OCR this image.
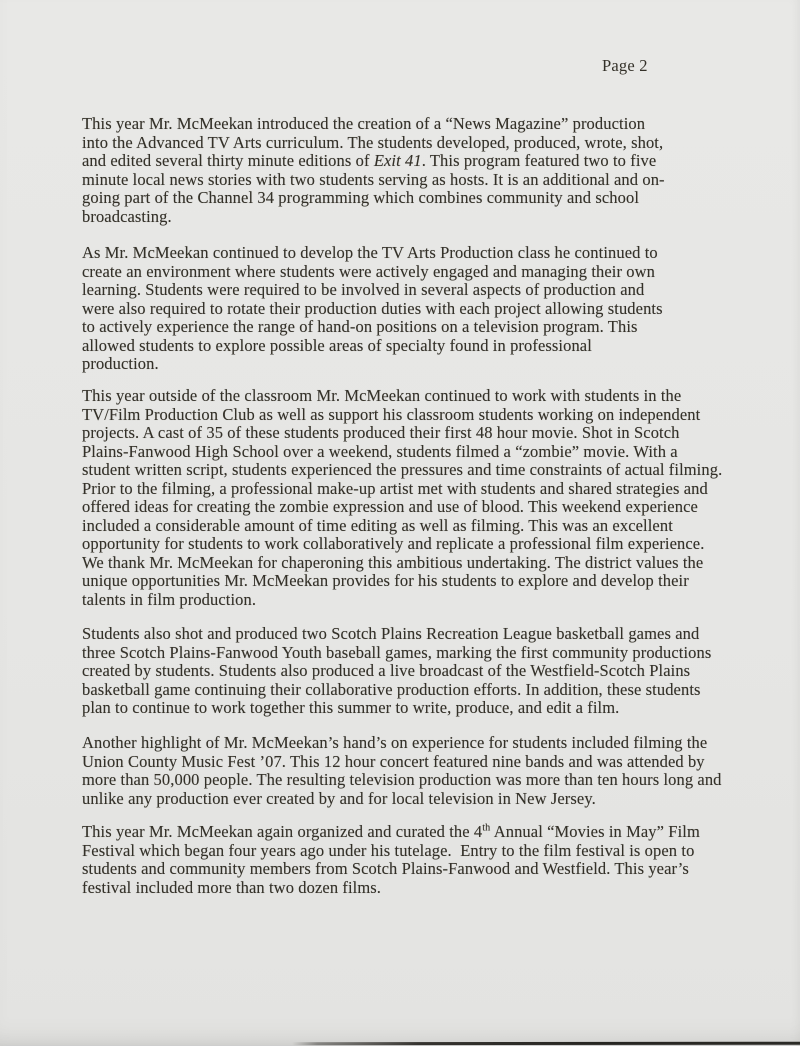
Page 2

This year Mr. McMeekan introduced the creation of a “News Magazine” production
into the Advanced TV Arts curriculum. The students developed, produced, wrote, shot,
and edited several thirty minute editions of Exit 41. This program featured two to five
minute local news stories with two students serving as hosts. It is an additional and on-
going part of the Channel 34 programming which combines community and school
broadcasting.

As Mr. McMeekan continued to develop the TV Arts Production class he continued to
create an environment where students were actively engaged and managing their own
learning. Students were required to be involved in several aspects of production and
were also required to rotate their production duties with each project allowing students
to actively experience the range of hand-on positions on a television program. This
allowed students to explore possible areas of specialty found in professional
production.

This year outside of the classroom Mr. McMeekan continued to work with students in the
TV/Film Production Club as well as support his classroom students working on independent
projects. A cast of 35 of these students produced their first 48 hour movie. Shot in Scotch
Plains-Fanwood High School over a weekend, students filmed a “zombie” movie. With a
student written script, students experienced the pressures and time constraints of actual filming.
Prior to the filming, a professional make-up artist met with students and shared strategies and
offered ideas for creating the zombie expression and use of blood. This weekend experience
included a considerable amount of time editing as well as filming. This was an excellent
opportunity for students to work collaboratively and replicate a professional film experience.
We thank Mr. McMeekan for chaperoning this ambitious undertaking. The district values the
unique opportunities Mr. McMeekan provides for his students to explore and develop their
talents in film production.

Students also shot and produced two Scotch Plains Recreation League basketball games and
three Scotch Plains-Fanwood Youth baseball games, marking the first community productions
created by students. Students also produced a live broadcast of the Westfield-Scotch Plains
basketball game continuing their collaborative production efforts. In addition, these students
plan to continue to work together this summer to write, produce, and edit a film.

Another highlight of Mr. McMeekan’s hand’s on experience for students included filming the
Union County Music Fest ’07. This 12 hour concert featured nine bands and was attended by
more than 50,000 people. The resulting television production was more than ten hours long and
unlike any production ever created by and for local television in New Jersey.

This year Mr. McMeekan again organized and curated the 4th Annual “Movies in May” Film
Festival which began four years ago under his tutelage.  Entry to the film festival is open to
students and community members from Scotch Plains-Fanwood and Westfield. This year’s
festival included more than two dozen films.
